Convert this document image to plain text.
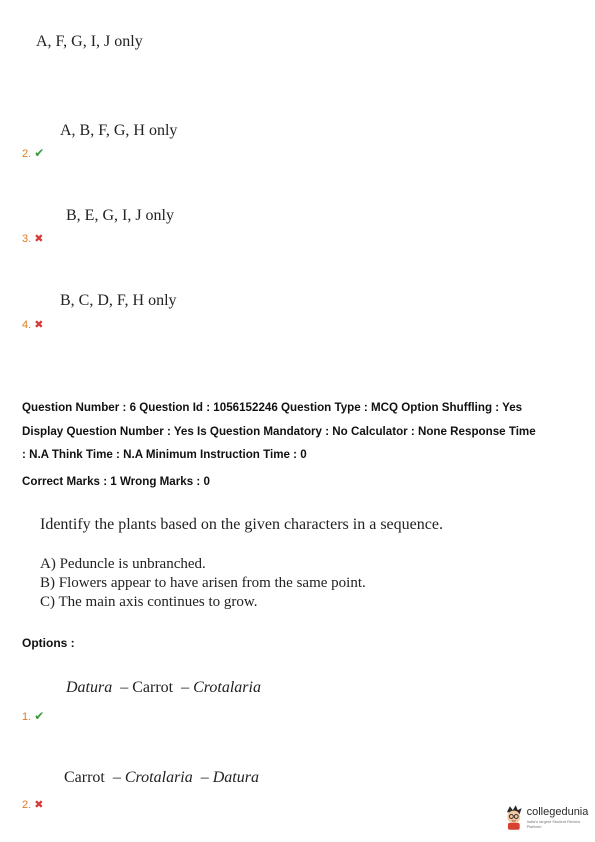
A, F, G, I, J only
A, B, F, G, H only
2. ✔
B, E, G, I, J only
3. ✖
B, C, D, F, H only
4. ✖
Question Number : 6 Question Id : 1056152246 Question Type : MCQ Option Shuffling : Yes
Display Question Number : Yes Is Question Mandatory : No Calculator : None Response Time
: N.A Think Time : N.A Minimum Instruction Time : 0
Correct Marks : 1 Wrong Marks : 0
Identify the plants based on the given characters in a sequence.
A) Peduncle is unbranched.
B) Flowers appear to have arisen from the same point.
C) The main axis continues to grow.
Options :
Datura – Carrot – Crotalaria
1. ✔
Carrot – Crotalaria – Datura
2. ✖
collegedunia
India's largest Student Review Platform
